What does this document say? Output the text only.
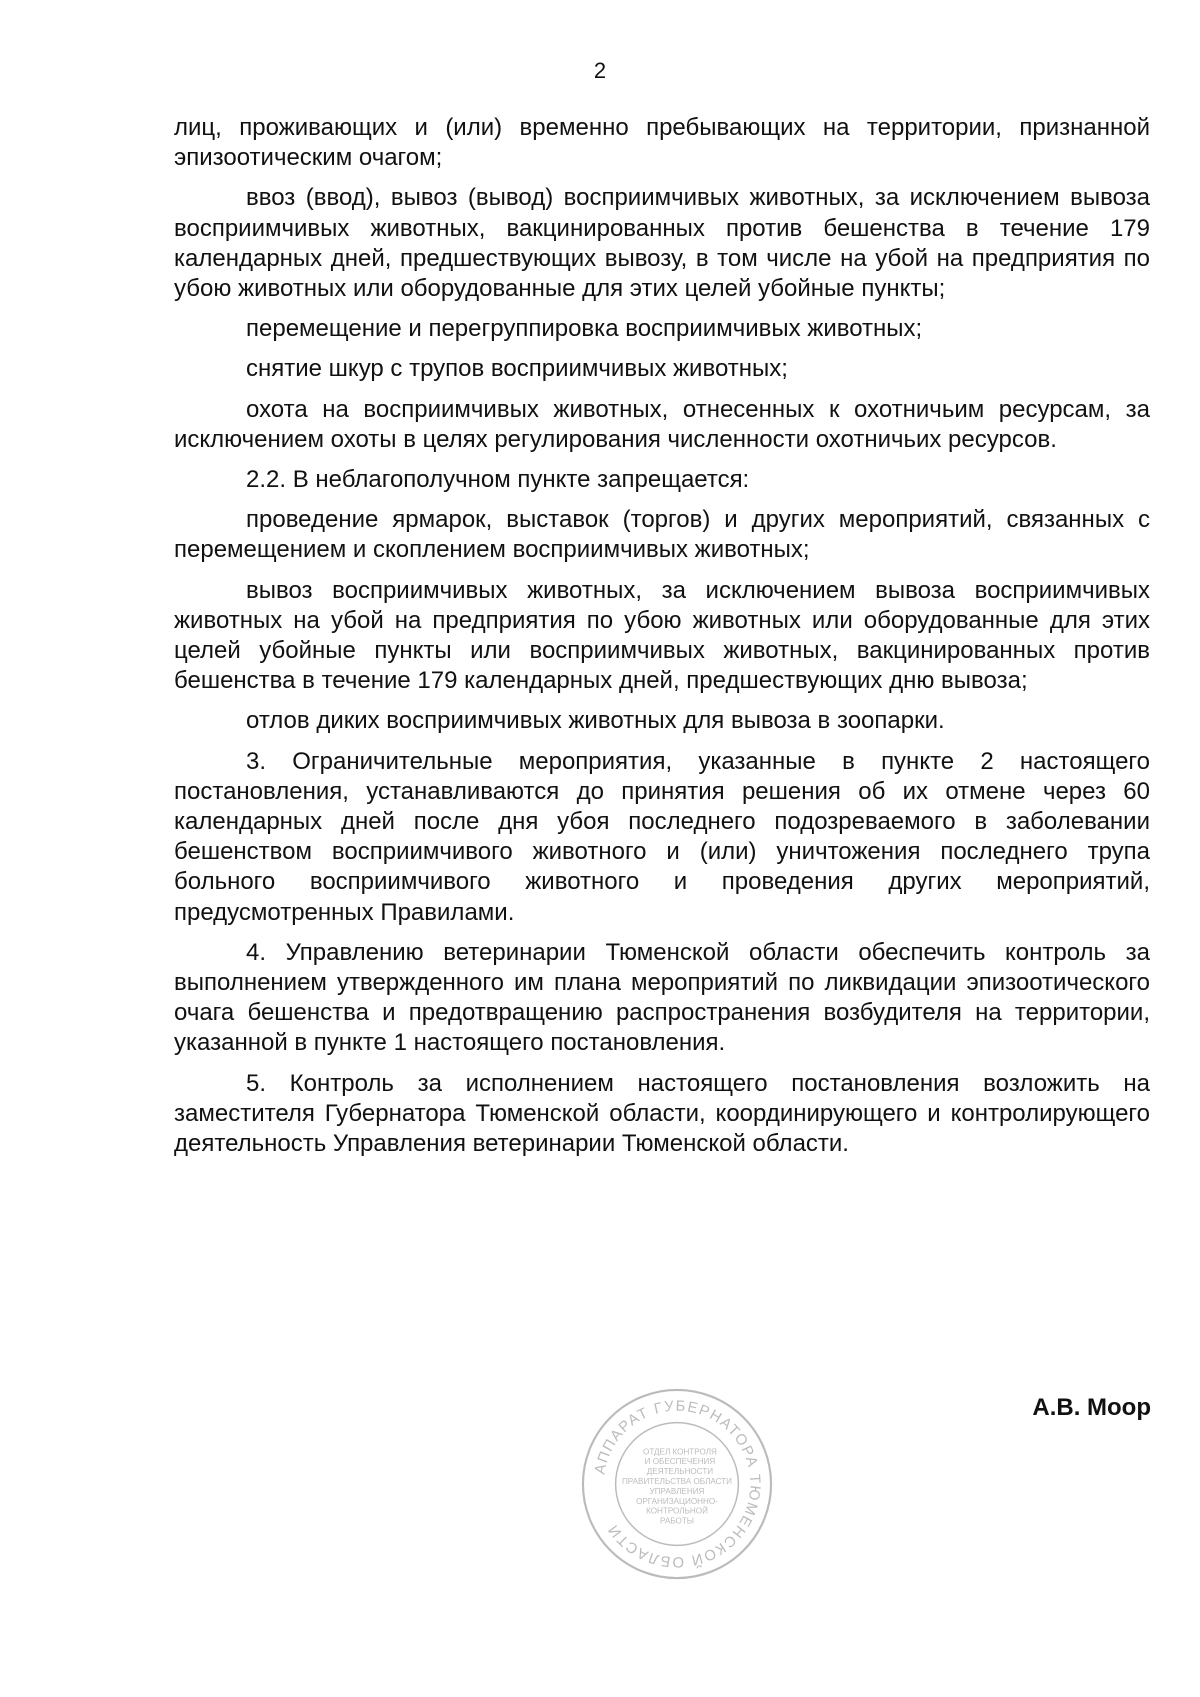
2

лиц, проживающих и (или) временно пребывающих на территории, признанной эпизоотическим очагом;

ввоз (ввод), вывоз (вывод) восприимчивых животных, за исключением вывоза восприимчивых животных, вакцинированных против бешенства в течение 179 календарных дней, предшествующих вывозу, в том числе на убой на предприятия по убою животных или оборудованные для этих целей убойные пункты;

перемещение и перегруппировка восприимчивых животных;

снятие шкур с трупов восприимчивых животных;

охота на восприимчивых животных, отнесенных к охотничьим ресурсам, за исключением охоты в целях регулирования численности охотничьих ресурсов.

2.2. В неблагополучном пункте запрещается:

проведение ярмарок, выставок (торгов) и других мероприятий, связанных с перемещением и скоплением восприимчивых животных;

вывоз восприимчивых животных, за исключением вывоза восприимчивых животных на убой на предприятия по убою животных или оборудованные для этих целей убойные пункты или восприимчивых животных, вакцинированных против бешенства в течение 179 календарных дней, предшествующих дню вывоза;

отлов диких восприимчивых животных для вывоза в зоопарки.

3. Ограничительные мероприятия, указанные в пункте 2 настоящего постановления, устанавливаются до принятия решения об их отмене через 60 календарных дней после дня убоя последнего подозреваемого в заболевании бешенством восприимчивого животного и (или) уничтожения последнего трупа больного восприимчивого животного и проведения других мероприятий, предусмотренных Правилами.

4. Управлению ветеринарии Тюменской области обеспечить контроль за выполнением утвержденного им плана мероприятий по ликвидации эпизоотического очага бешенства и предотвращению распространения возбудителя на территории, указанной в пункте 1 настоящего постановления.

5. Контроль за исполнением настоящего постановления возложить на заместителя Губернатора Тюменской области, координирующего и контролирующего деятельность Управления ветеринарии Тюменской области.

АППАРАТ ГУБЕРНАТОРА ТЮМЕНСКОЙ ОБЛАСТИ
ОТДЕЛ КОНТРОЛЯ
И ОБЕСПЕЧЕНИЯ
ДЕЯТЕЛЬНОСТИ
ПРАВИТЕЛЬСТВА ОБЛАСТИ
УПРАВЛЕНИЯ
ОРГАНИЗАЦИОННО-
КОНТРОЛЬНОЙ
РАБОТЫ
А.В. Моор
